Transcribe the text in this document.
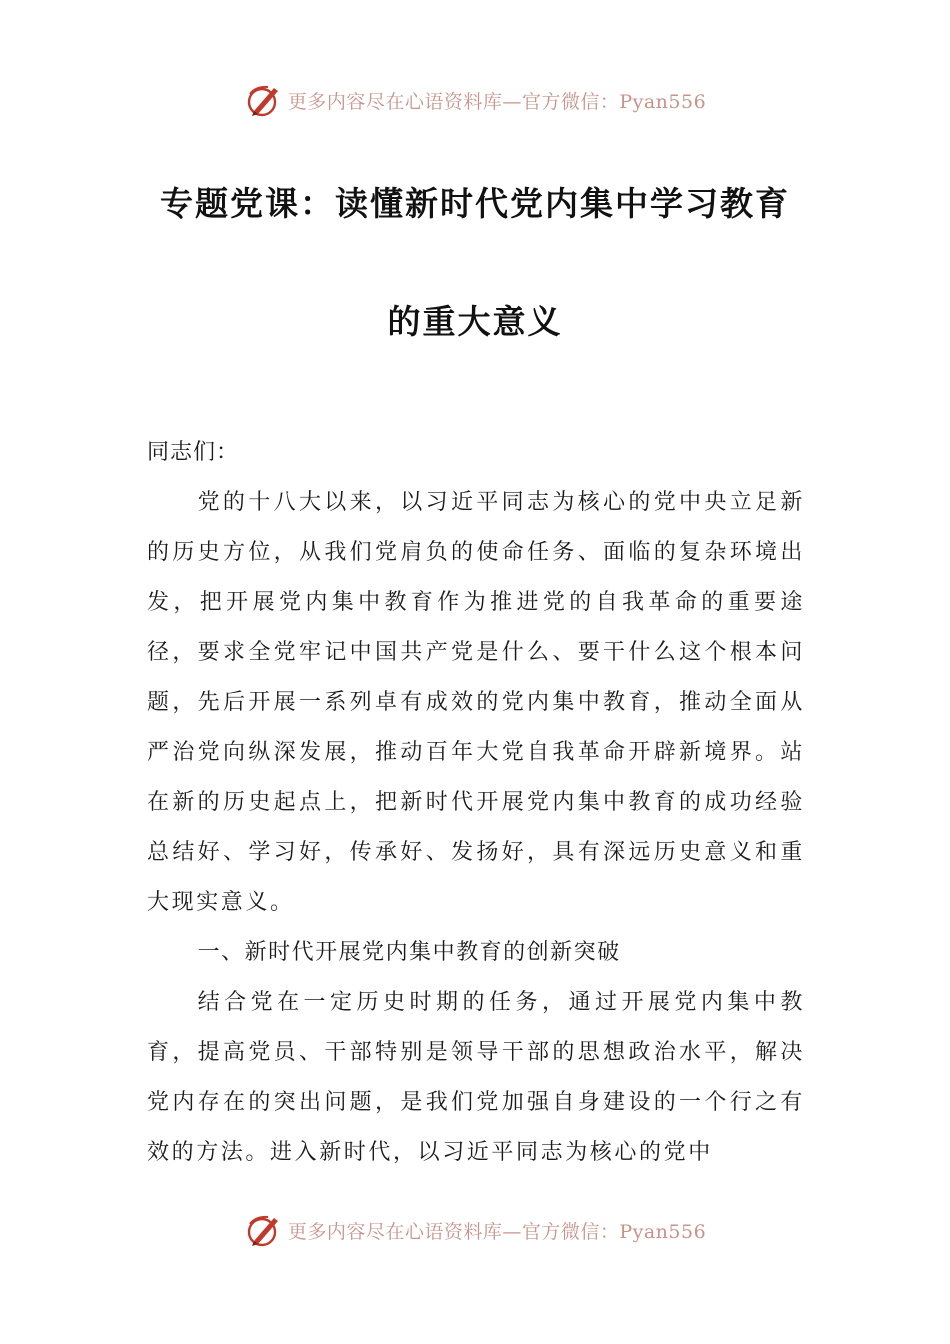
更多内容尽在心语资料库—官方微信：Pyan556
专题党课：读懂新时代党内集中学习教育
的重大意义
同志们：

党的十八大以来，以习近平同志为核心的党中央立足新的历史方位，从我们党肩负的使命任务、面临的复杂环境出发，把开展党内集中教育作为推进党的自我革命的重要途径，要求全党牢记中国共产党是什么、要干什么这个根本问题，先后开展一系列卓有成效的党内集中教育，推动全面从严治党向纵深发展，推动百年大党自我革命开辟新境界。站在新的历史起点上，把新时代开展党内集中教育的成功经验总结好、学习好，传承好、发扬好，具有深远历史意义和重大现实意义。

一、新时代开展党内集中教育的创新突破

结合党在一定历史时期的任务，通过开展党内集中教育，提高党员、干部特别是领导干部的思想政治水平，解决党内存在的突出问题，是我们党加强自身建设的一个行之有效的方法。进入新时代，以习近平同志为核心的党中

更多内容尽在心语资料库—官方微信：Pyan556
